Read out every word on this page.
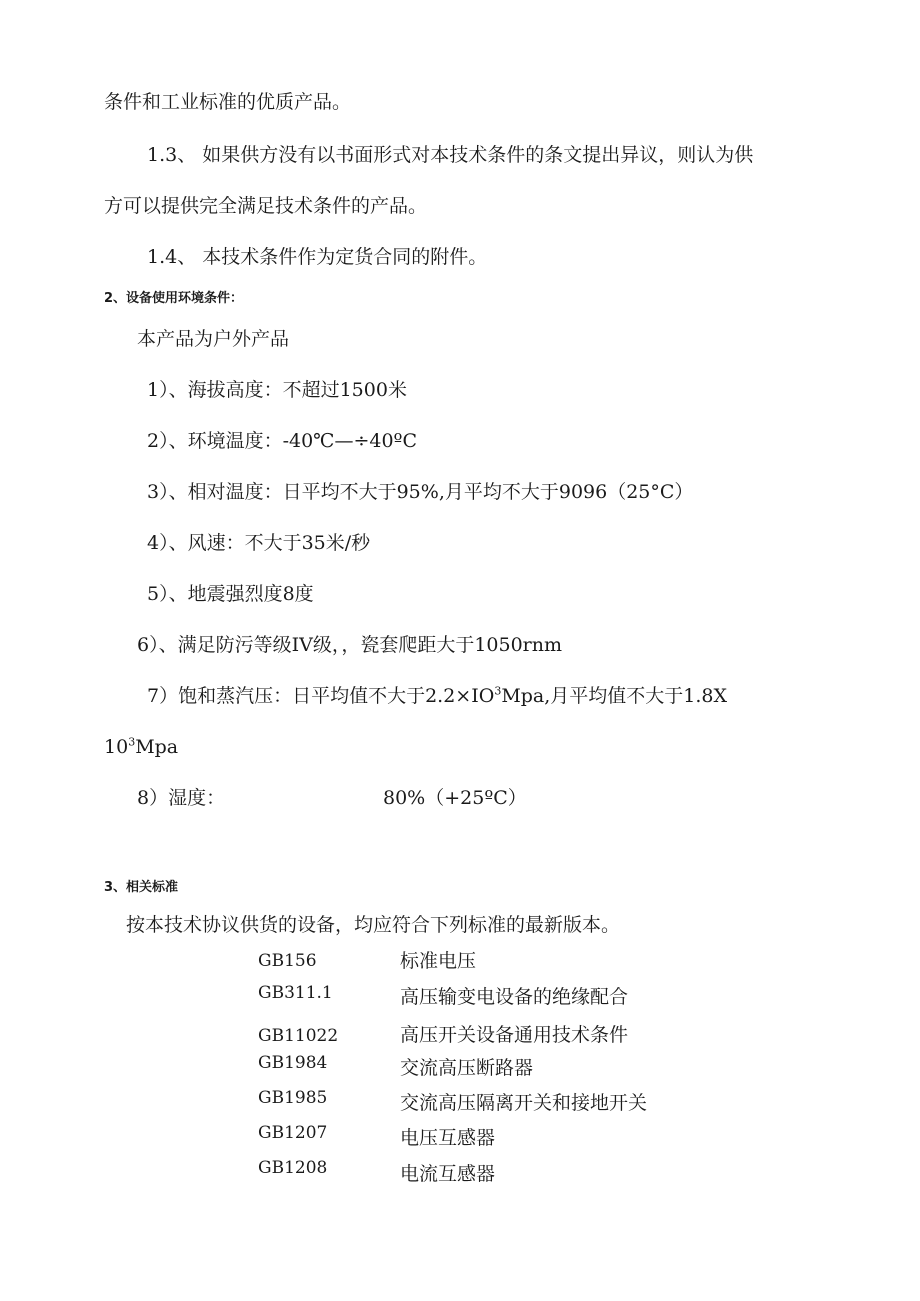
条件和工业标准的优质产品。
1.3、 如果供方没有以书面形式对本技术条件的条文提出异议，则认为供
方可以提供完全满足技术条件的产品。
1.4、 本技术条件作为定货合同的附件。
2、设备使用环境条件：
本产品为户外产品
1）、海拔高度：不超过1500米
2）、环境温度：-40℃—÷40ºC
3）、相对温度：日平均不大于95%,月平均不大于9096（25°C）
4）、风速：不大于35米/秒
5）、地震强烈度8度
6）、满足防污等级IV级，，瓷套爬距大于1050rnm
7）饱和蒸汽压：日平均值不大于$2.2\times IO^3Mpa$,月平均值不大于1.8X
$10^3Mpa$
8）湿度：	80%（+25ºC）
3、相关标准
按本技术协议供货的设备，均应符合下列标准的最新版本。
GB156	标准电压
GB311.1	高压输变电设备的绝缘配合
GB11022	高压开关设备通用技术条件
GB1984	交流高压断路器
GB1985	交流高压隔离开关和接地开关
GB1207	电压互感器
GB1208	电流互感器
